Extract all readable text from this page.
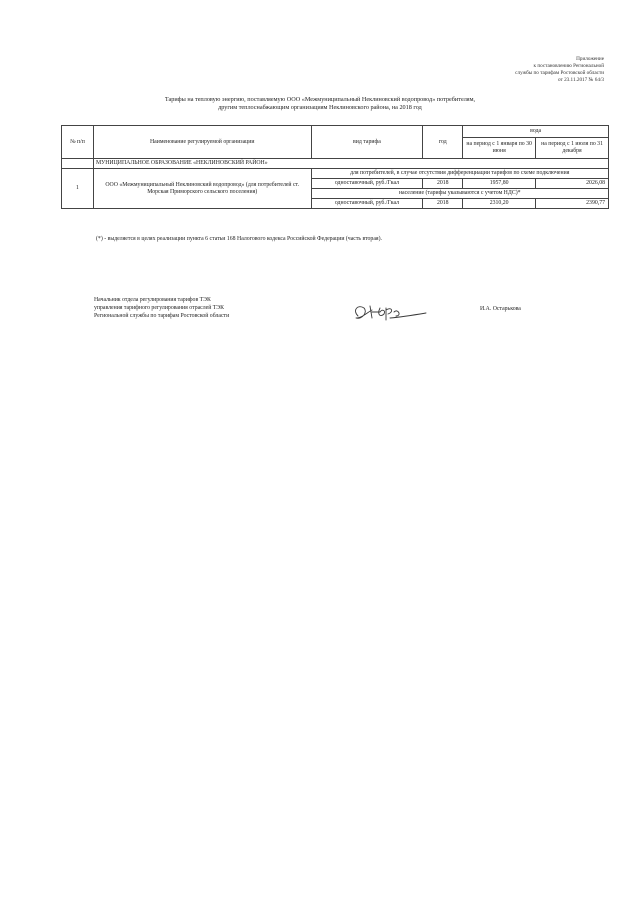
Приложение
к постановлению Региональной
службы по тарифам Ростовской области
от 23.11.2017 № 64/3
Тарифы на тепловую энергию, поставляемую ООО «Межмуниципальный Неклиновский водопровод» потребителям,
другим теплоснабжающим организациям Неклиновского района, на 2018 год
№ п/п	Наименование регулируемой организации	вид тарифа	год	вода	
				на период с 1 января по 30 июня	на период с 1 июля по 31 декабря
	МУНИЦИПАЛЬНОЕ ОБРАЗОВАНИЕ «НЕКЛИНОВСКИЙ РАЙОН»				
1	ООО «Межмуниципальный Неклиновский водопровод» (для потребителей ст. Морская Приморского сельского поселения)	для потребителей, в случае отсутствия дифференциации тарифов по схеме подключения			
		одноставочный, руб./Гкал	2018	1957,80	2026,08
		население (тарифы указываются с учетом НДС)*			
		одноставочный, руб./Гкал	2018	2310,20	2390,77
(*) - выделяется в целях реализации пункта 6 статьи 168 Налогового кодекса Российской Федерации (часть вторая).
Начальник отдела регулирования тарифов ТЭК
управления тарифного регулирования отраслей ТЭК
Региональной службы по тарифам Ростовской области
И.А. Остарькова
